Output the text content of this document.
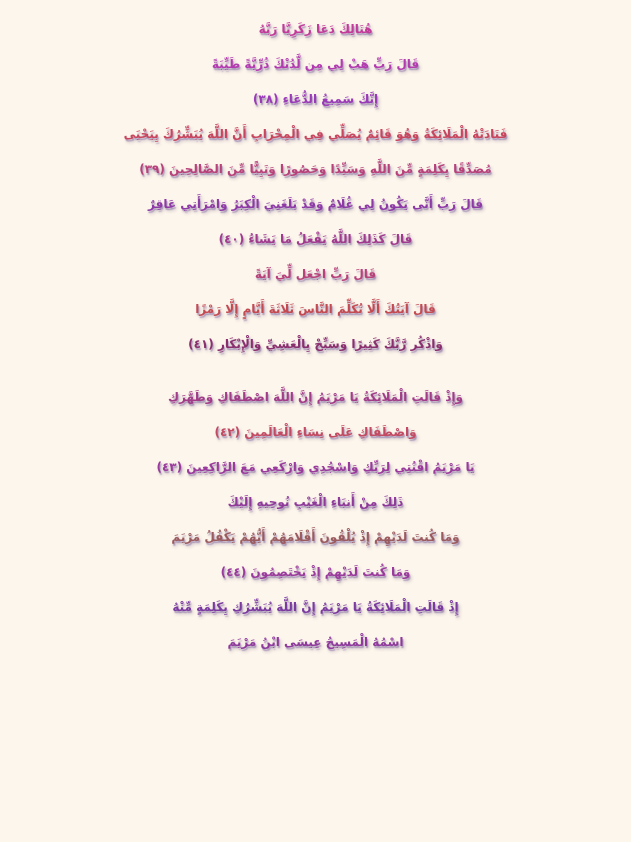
هُنَالِكَ دَعَا زَكَرِيَّا رَبَّهُ
قَالَ رَبِّ هَبْ لِي مِن لَّدُنْكَ ذُرِّيَّةً طَيِّبَةً
إِنَّكَ سَمِيعُ الدُّعَاءِ (٣٨)
فَنَادَتْهُ الْمَلَائِكَةُ وَهُوَ قَائِمٌ يُصَلِّي فِي الْمِحْرَابِ أَنَّ اللَّهَ يُبَشِّرُكَ بِيَحْيَى
مُصَدِّقًا بِكَلِمَةٍ مِّنَ اللَّهِ وَسَيِّدًا وَحَصُورًا وَنَبِيًّا مِّنَ الصَّالِحِينَ (٣٩)
قَالَ رَبِّ أَنَّى يَكُونُ لِي غُلَامٌ وَقَدْ بَلَغَنِيَ الْكِبَرُ وَامْرَأَتِي عَاقِرٌ
قَالَ كَذَلِكَ اللَّهُ يَفْعَلُ مَا يَشَاءُ (٤٠)
قَالَ رَبِّ اجْعَل لِّيَ آيَةً
قَالَ آيَتُكَ أَلَّا تُكَلِّمَ النَّاسَ ثَلَاثَةَ أَيَّامٍ إِلَّا رَمْزًا
وَاذْكُر رَّبَّكَ كَثِيرًا وَسَبِّحْ بِالْعَشِيِّ وَالْإِبْكَارِ (٤١)
وَإِذْ قَالَتِ الْمَلَائِكَةُ يَا مَرْيَمُ إِنَّ اللَّهَ اصْطَفَاكِ وَطَهَّرَكِ
وَاصْطَفَاكِ عَلَى نِسَاءِ الْعَالَمِينَ (٤٢)
يَا مَرْيَمُ اقْنُتِي لِرَبِّكِ وَاسْجُدِي وَارْكَعِي مَعَ الرَّاكِعِينَ (٤٣)
ذَلِكَ مِنْ أَنبَاءِ الْغَيْبِ نُوحِيهِ إِلَيْكَ
وَمَا كُنتَ لَدَيْهِمْ إِذْ يُلْقُونَ أَقْلَامَهُمْ أَيُّهُمْ يَكْفُلُ مَرْيَمَ
وَمَا كُنتَ لَدَيْهِمْ إِذْ يَخْتَصِمُونَ (٤٤)
إِذْ قَالَتِ الْمَلَائِكَةُ يَا مَرْيَمُ إِنَّ اللَّهَ يُبَشِّرُكِ بِكَلِمَةٍ مِّنْهُ
اسْمُهُ الْمَسِيحُ عِيسَى ابْنُ مَرْيَمَ
